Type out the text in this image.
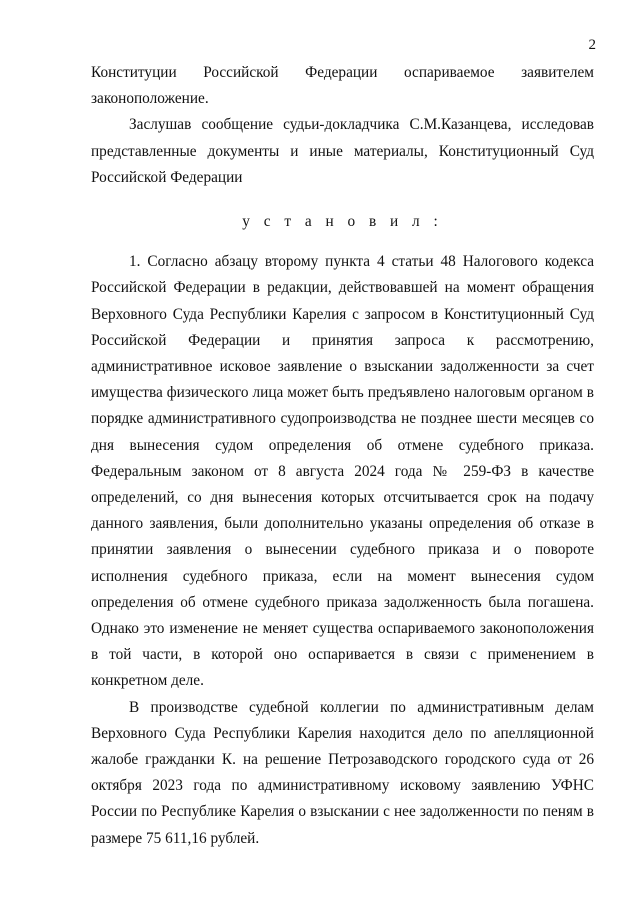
2

Конституции Российской Федерации оспариваемое заявителем законоположение.

Заслушав сообщение судьи-докладчика С.М.Казанцева, исследовав представленные документы и иные материалы, Конституционный Суд Российской Федерации

у с т а н о в и л :

1. Согласно абзацу второму пункта 4 статьи 48 Налогового кодекса Российской Федерации в редакции, действовавшей на момент обращения Верховного Суда Республики Карелия с запросом в Конституционный Суд Российской Федерации и принятия запроса к рассмотрению, административное исковое заявление о взыскании задолженности за счет имущества физического лица может быть предъявлено налоговым органом в порядке административного судопроизводства не позднее шести месяцев со дня вынесения судом определения об отмене судебного приказа. Федеральным законом от 8 августа 2024 года № 259-ФЗ в качестве определений, со дня вынесения которых отсчитывается срок на подачу данного заявления, были дополнительно указаны определения об отказе в принятии заявления о вынесении судебного приказа и о повороте исполнения судебного приказа, если на момент вынесения судом определения об отмене судебного приказа задолженность была погашена. Однако это изменение не меняет существа оспариваемого законоположения в той части, в которой оно оспаривается в связи с применением в конкретном деле.

В производстве судебной коллегии по административным делам Верховного Суда Республики Карелия находится дело по апелляционной жалобе гражданки К. на решение Петрозаводского городского суда от 26 октября 2023 года по административному исковому заявлению УФНС России по Республике Карелия о взыскании с нее задолженности по пеням в размере 75 611,16 рублей.
